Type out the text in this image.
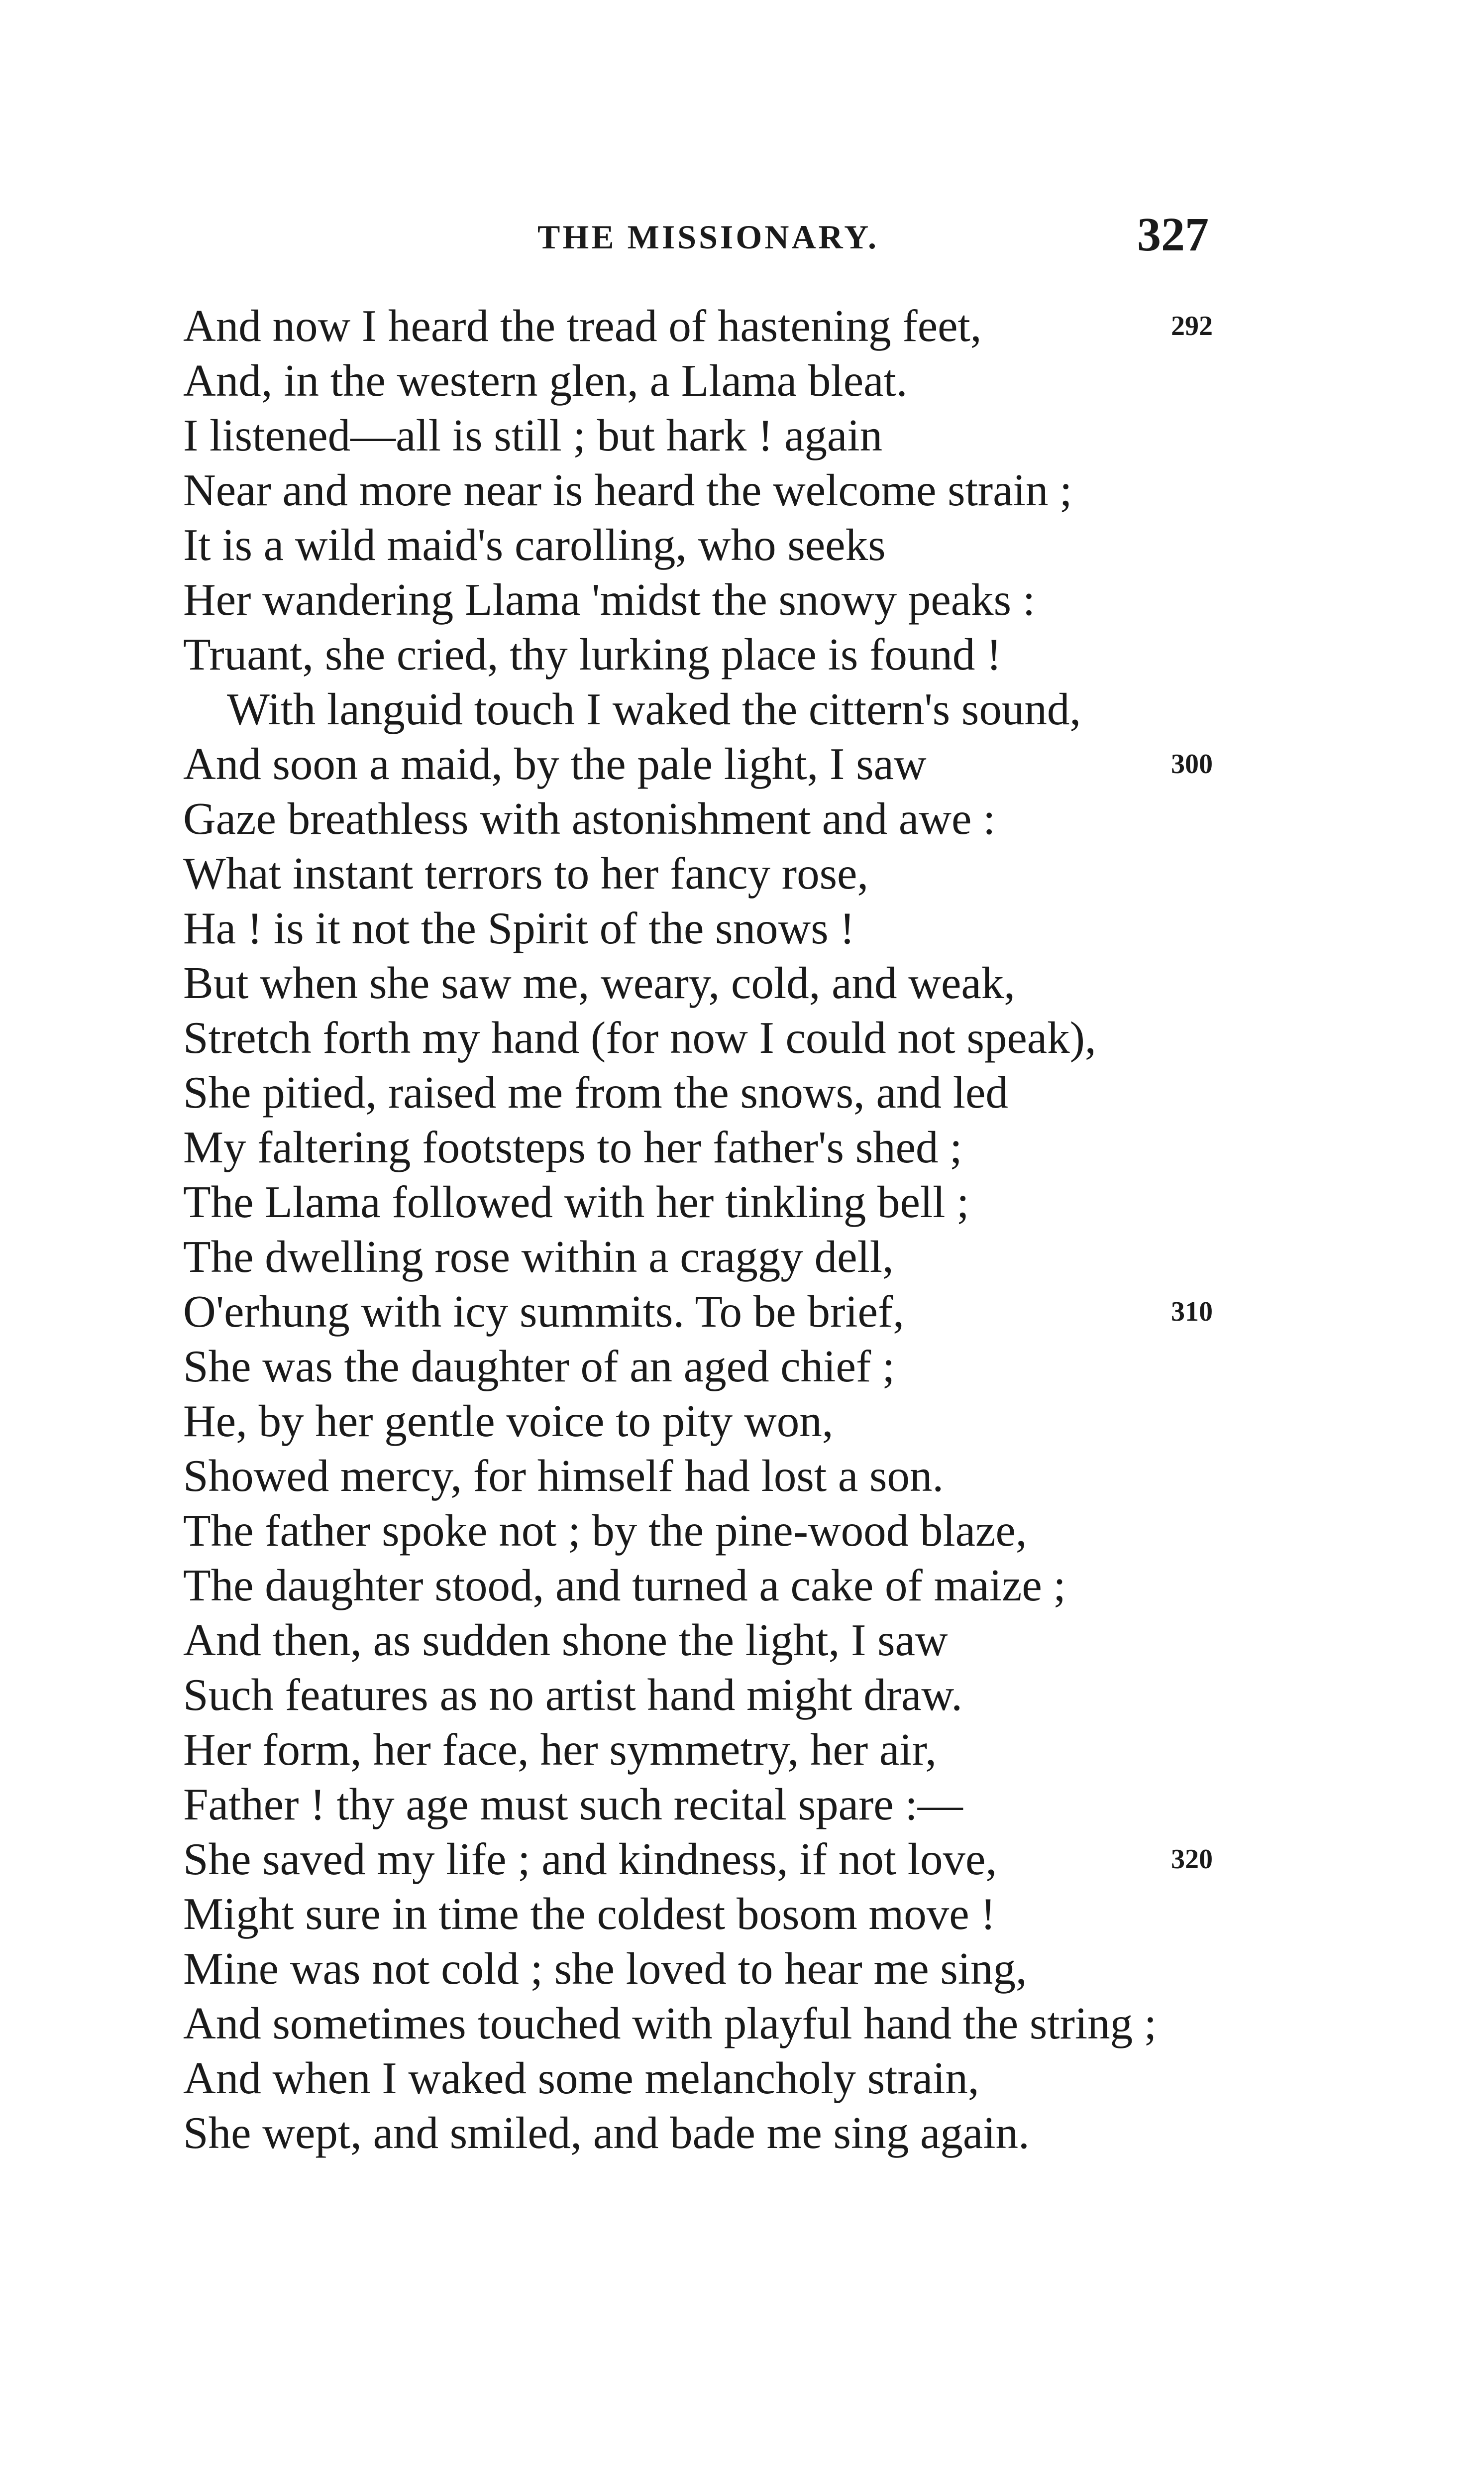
THE MISSIONARY.	327
And now I heard the tread of hastening feet,	292
And, in the western glen, a Llama bleat.
I listened—all is still ; but hark ! again
Near and more near is heard the welcome strain ;
It is a wild maid's carolling, who seeks
Her wandering Llama 'midst the snowy peaks :
Truant, she cried, thy lurking place is found !
With languid touch I waked the cittern's sound,
And soon a maid, by the pale light, I saw	300
Gaze breathless with astonishment and awe :
What instant terrors to her fancy rose,
Ha ! is it not the Spirit of the snows !
But when she saw me, weary, cold, and weak,
Stretch forth my hand (for now I could not speak),
She pitied, raised me from the snows, and led
My faltering footsteps to her father's shed ;
The Llama followed with her tinkling bell ;
The dwelling rose within a craggy dell,
O'erhung with icy summits. To be brief,	310
She was the daughter of an aged chief ;
He, by her gentle voice to pity won,
Showed mercy, for himself had lost a son.
The father spoke not ; by the pine-wood blaze,
The daughter stood, and turned a cake of maize ;
And then, as sudden shone the light, I saw
Such features as no artist hand might draw.
Her form, her face, her symmetry, her air,
Father ! thy age must such recital spare :—
She saved my life ; and kindness, if not love,	320
Might sure in time the coldest bosom move !
Mine was not cold ; she loved to hear me sing,
And sometimes touched with playful hand the string ;
And when I waked some melancholy strain,
She wept, and smiled, and bade me sing again.
